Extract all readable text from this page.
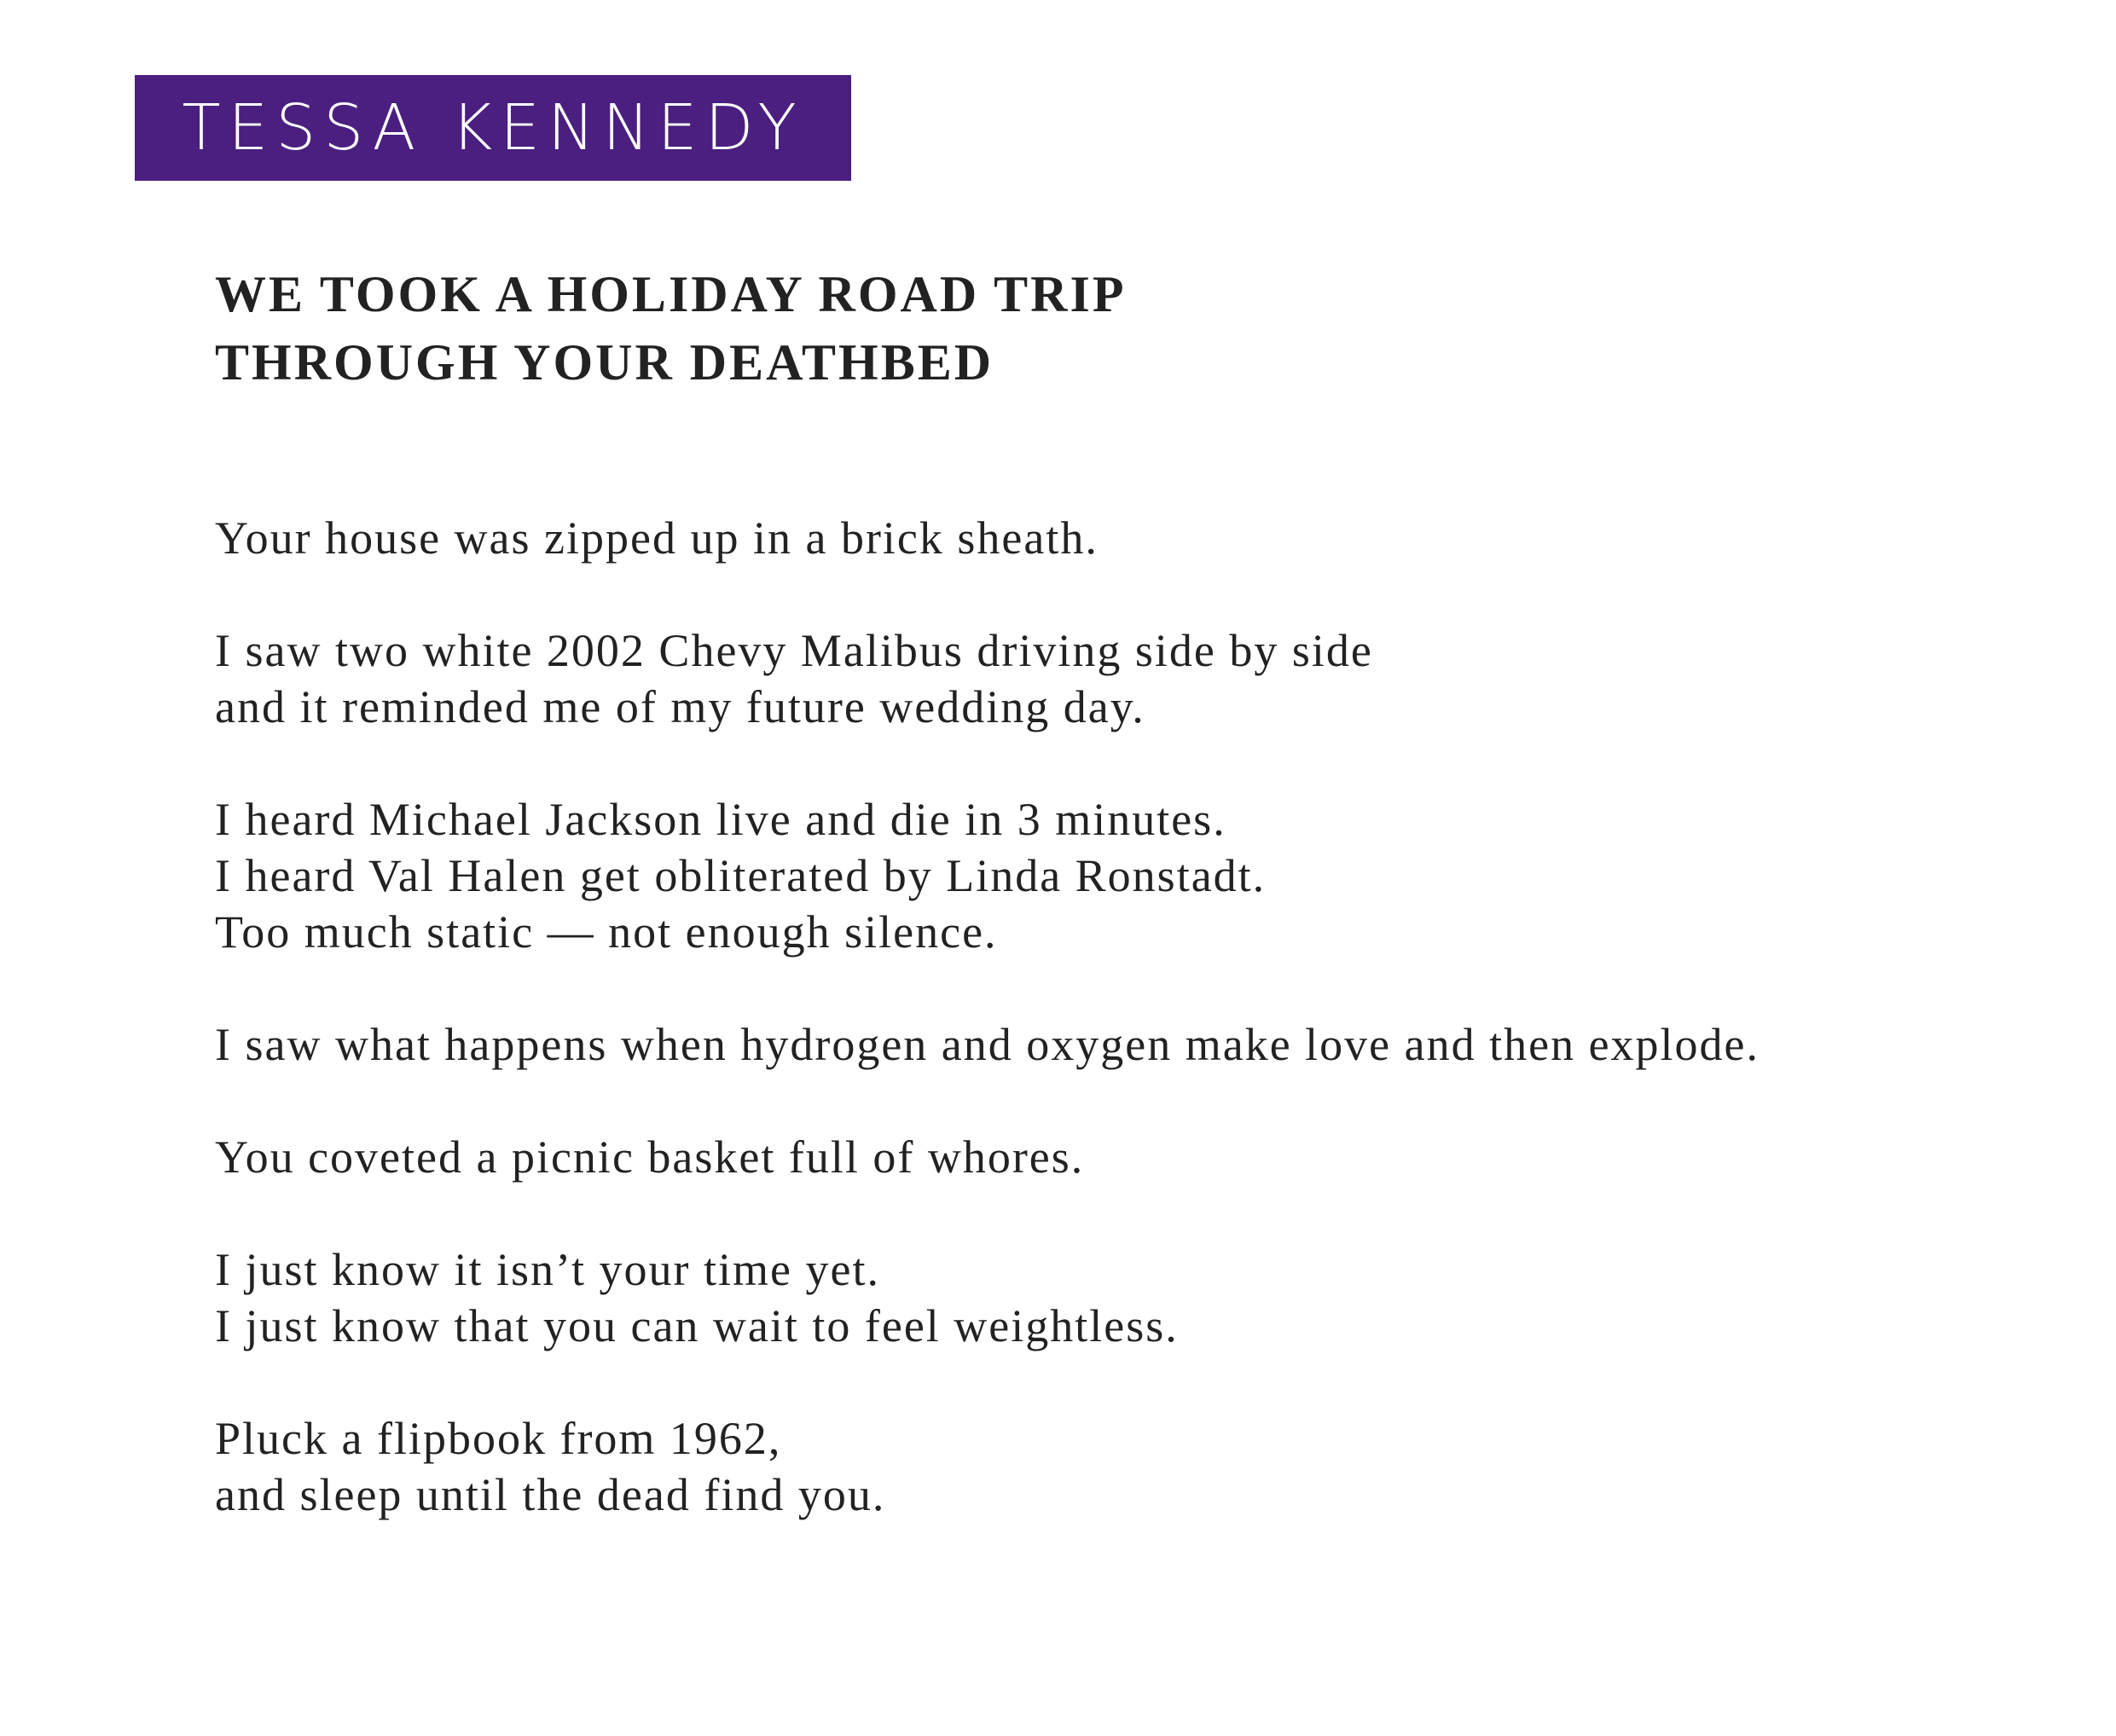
TESSA KENNEDY
WE TOOK A HOLIDAY ROAD TRIP
THROUGH YOUR DEATHBED

Your house was zipped up in a brick sheath.

I saw two white 2002 Chevy Malibus driving side by side
and it reminded me of my future wedding day.

I heard Michael Jackson live and die in 3 minutes.
I heard Val Halen get obliterated by Linda Ronstadt.
Too much static — not enough silence.

I saw what happens when hydrogen and oxygen make love and then explode.

You coveted a picnic basket full of whores.

I just know it isn’t your time yet.
I just know that you can wait to feel weightless.

Pluck a flipbook from 1962,
and sleep until the dead find you.
